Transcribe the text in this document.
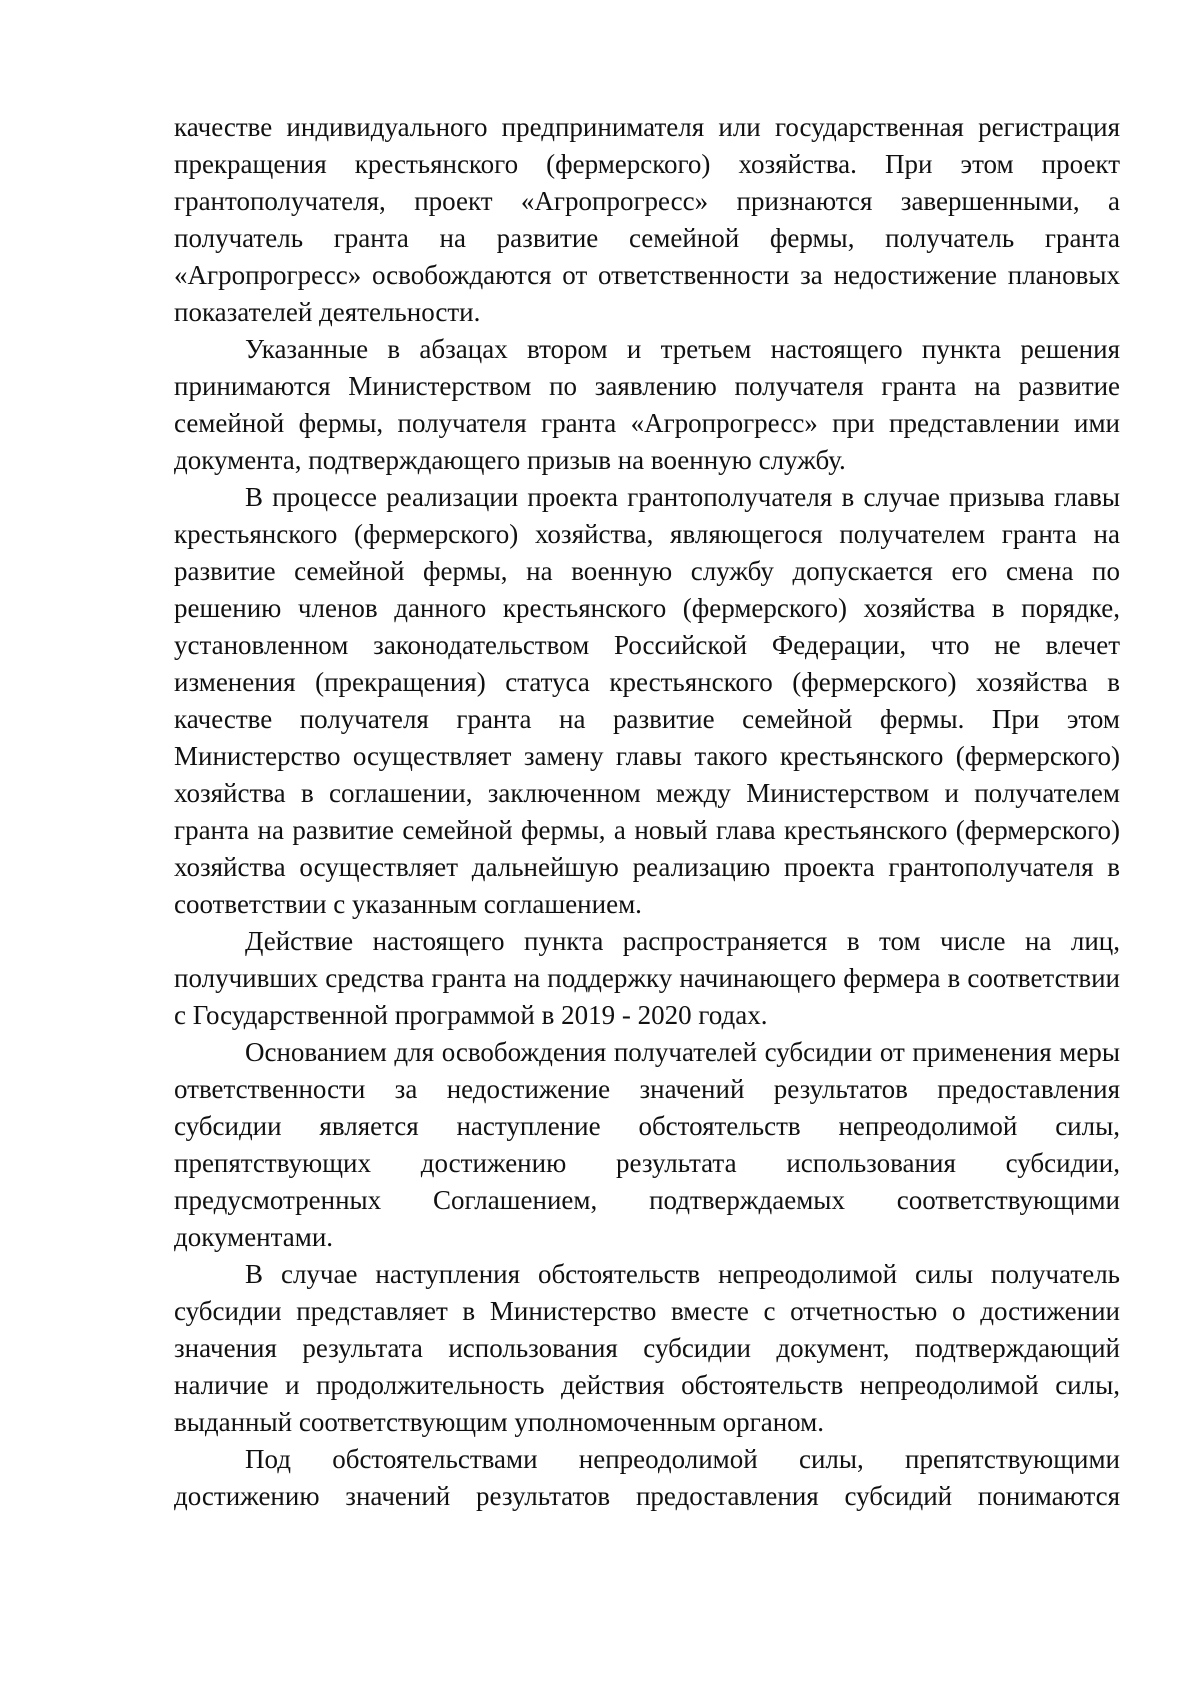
качестве индивидуального предпринимателя или государственная регистрация прекращения крестьянского (фермерского) хозяйства. При этом проект грантополучателя, проект «Агропрогресс» признаются завершенными, а получатель гранта на развитие семейной фермы, получатель гранта «Агропрогресс» освобождаются от ответственности за недостижение плановых показателей деятельности.

Указанные в абзацах втором и третьем настоящего пункта решения принимаются Министерством по заявлению получателя гранта на развитие семейной фермы, получателя гранта «Агропрогресс» при представлении ими документа, подтверждающего призыв на военную службу.

В процессе реализации проекта грантополучателя в случае призыва главы крестьянского (фермерского) хозяйства, являющегося получателем гранта на развитие семейной фермы, на военную службу допускается его смена по решению членов данного крестьянского (фермерского) хозяйства в порядке, установленном законодательством Российской Федерации, что не влечет изменения (прекращения) статуса крестьянского (фермерского) хозяйства в качестве получателя гранта на развитие семейной фермы. При этом Министерство осуществляет замену главы такого крестьянского (фермерского) хозяйства в соглашении, заключенном между Министерством и получателем гранта на развитие семейной фермы, а новый глава крестьянского (фермерского) хозяйства осуществляет дальнейшую реализацию проекта грантополучателя в соответствии с указанным соглашением.

Действие настоящего пункта распространяется в том числе на лиц, получивших средства гранта на поддержку начинающего фермера в соответствии с Государственной программой в 2019 - 2020 годах.

Основанием для освобождения получателей субсидии от применения меры ответственности за недостижение значений результатов предоставления субсидии является наступление обстоятельств непреодолимой силы, препятствующих достижению результата использования субсидии, предусмотренных Соглашением, подтверждаемых соответствующими документами.

В случае наступления обстоятельств непреодолимой силы получатель субсидии представляет в Министерство вместе с отчетностью о достижении значения результата использования субсидии документ, подтверждающий наличие и продолжительность действия обстоятельств непреодолимой силы, выданный соответствующим уполномоченным органом.

Под обстоятельствами непреодолимой силы, препятствующими достижению значений результатов предоставления субсидий понимаются
